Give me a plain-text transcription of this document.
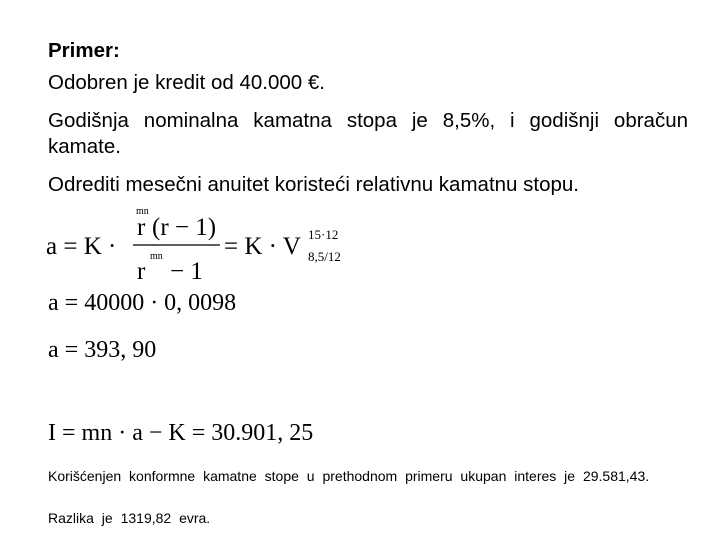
Primer:
Odobren je kredit od 40.000 €.
Godišnja nominalna kamatna stopa je 8,5%, i godišnji obračun kamate.
Odrediti mesečni anuitet koristeći relativnu kamatnu stopu.
a = K ·
mn
r (r − 1)
mn
r − 1
= K · V 15·12
8,5/12
a = 40000 · 0, 0098
a = 393, 90
I = mn · a − K = 30.901, 25
Korišćenjen konformne kamatne stope u prethodnom primeru ukupan interes je 29.581,43.
Razlika je 1319,82 evra.
